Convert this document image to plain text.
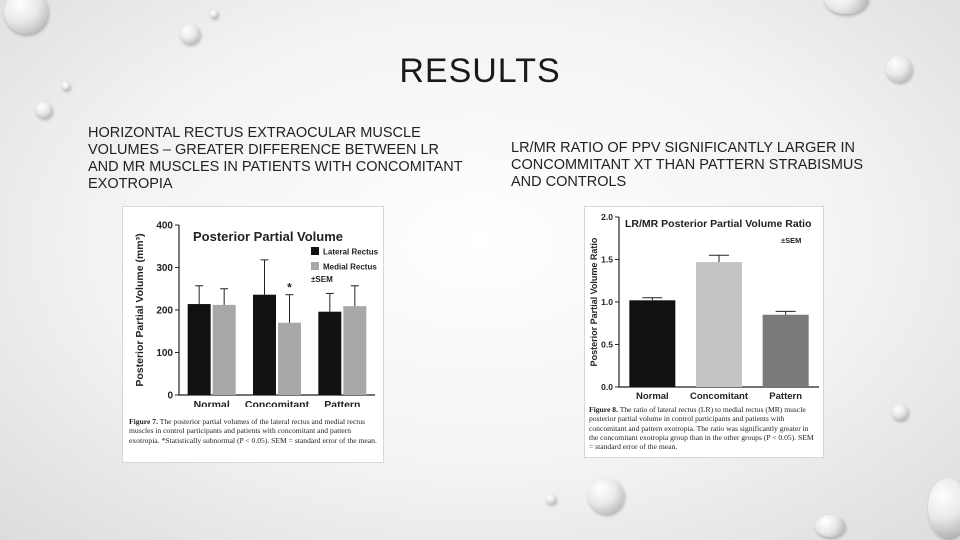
RESULTS
HORIZONTAL RECTUS EXTRAOCULAR MUSCLE VOLUMES – GREATER DIFFERENCE BETWEEN LR AND MR MUSCLES IN PATIENTS WITH CONCOMITANT EXOTROPIA
LR/MR RATIO OF PPV SIGNIFICANTLY LARGER IN CONCOMMITANT XT THAN PATTERN STRABISMUS AND CONTROLS
Posterior Partial Volume
Posterior Partial Volume (mm³)
0
100
200
300
400
Normal Concomitant Pattern
*
Lateral Rectus
Medial Rectus
±SEM
Figure 7. The posterior partial volumes of the lateral rectus and medial rectus muscles in control participants and patients with concomitant and pattern exotropia. *Statistically subnormal (P < 0.05). SEM = standard error of the mean.
LR/MR Posterior Partial Volume Ratio
Posterior Partial Volume Ratio
0.0
0.5
1.0
1.5
2.0
±SEM
Normal Concomitant Pattern
Figure 8. The ratio of lateral rectus (LR) to medial rectus (MR) muscle posterior partial volume in control participants and patients with concomitant and pattern exotropia. The ratio was significantly greater in the concomitant exotropia group than in the other groups (P < 0.05). SEM = standard error of the mean.
